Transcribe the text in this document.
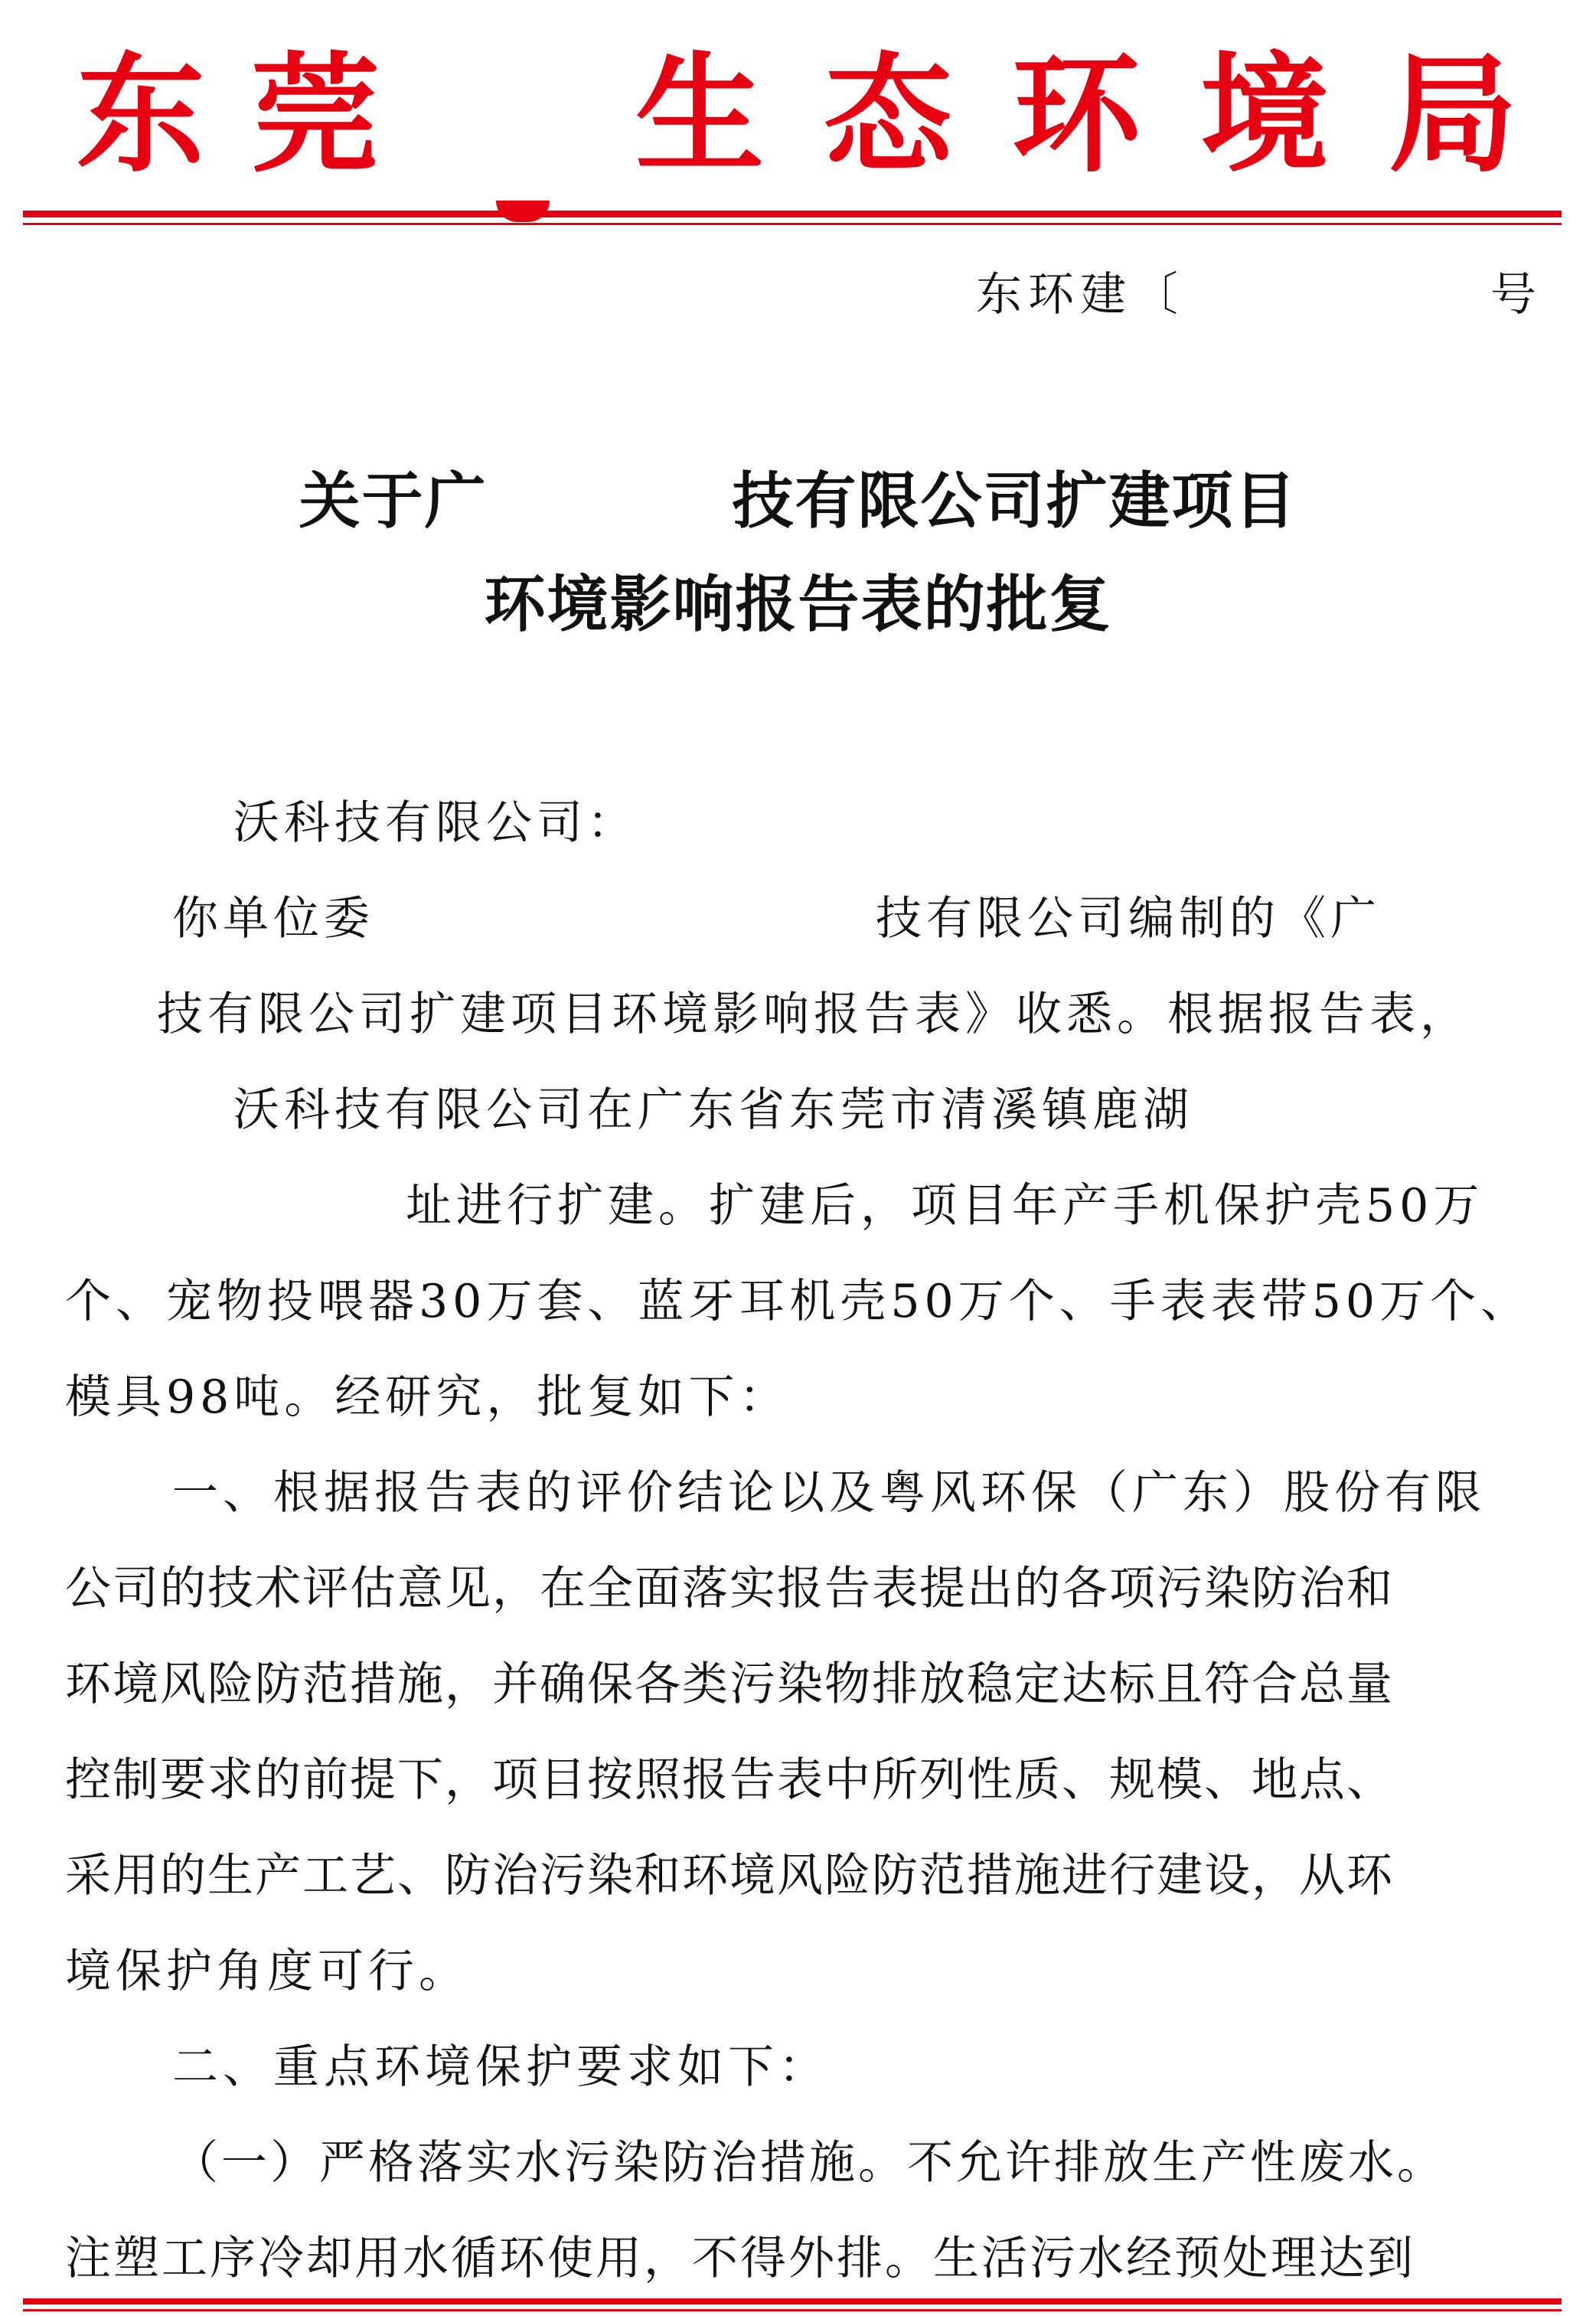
东莞 生态环境局
东环建〔	号
关于广	技有限公司扩建项目
环境影响报告表的批复
沃科技有限公司：
你单位委	技有限公司编制的《广
技有限公司扩建项目环境影响报告表》收悉。根据报告表，
沃科技有限公司在广东省东莞市清溪镇鹿湖
址进行扩建。扩建后，项目年产手机保护壳50万
个、宠物投喂器30万套、蓝牙耳机壳50万个、手表表带50万个、
模具98吨。经研究，批复如下：
一、根据报告表的评价结论以及粤风环保（广东）股份有限
公司的技术评估意见，在全面落实报告表提出的各项污染防治和
环境风险防范措施，并确保各类污染物排放稳定达标且符合总量
控制要求的前提下，项目按照报告表中所列性质、规模、地点、
采用的生产工艺、防治污染和环境风险防范措施进行建设，从环
境保护角度可行。
二、重点环境保护要求如下：
（一）严格落实水污染防治措施。不允许排放生产性废水。
注塑工序冷却用水循环使用，不得外排。生活污水经预处理达到
